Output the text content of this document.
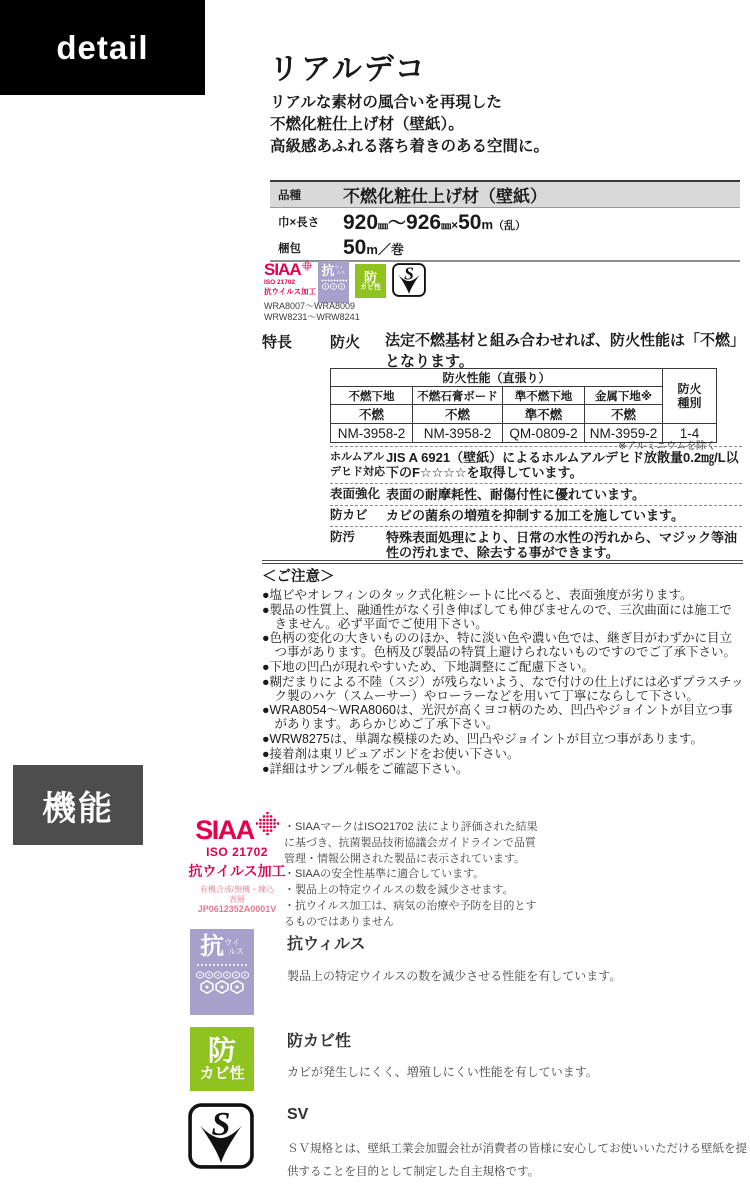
detail
リアルデコ
リアルな素材の風合いを再現した
不燃化粧仕上げ材（壁紙）。
高級感あふれる落ち着きのある空間に。
品種	不燃化粧仕上げ材（壁紙）
巾×長さ	920㎜〜926㎜×50m（乱）
梱包	50m／巻
SIAA
ISO 21702
抗ウイルス加工
抗 ウイ
ルス	防
カビ性
WRA8007〜WRA8009
WRW8231〜WRW8241
特長	防火 法定不燃基材と組み合わせれば、防火性能は「不燃」となります。
防火性能（直張り）				防火種別

不燃下地	不燃石膏ボード	準不燃下地	金属下地※	
不燃	不燃	準不燃	不燃	
NM-3958-2	NM-3958-2	QM-0809-2	NM-3959-2	1-4
※アルミニウムを除く
ホルムアルデヒド対応
JIS A 6921（壁紙）によるホルムアルデヒド放散量0.2㎎/L以下のF☆☆☆☆を取得しています。
表面強化 表面の耐摩耗性、耐傷付性に優れています。
防カビ	カビの菌糸の増殖を抑制する加工を施しています。
防汚	特殊表面処理により、日常の水性の汚れから、マジック等油性の汚れまで、除去する事ができます。
＜ご注意＞
●塩ビやオレフィンのタック式化粧シートに比べると、表面強度が劣ります。
●製品の性質上、融通性がなく引き伸ばしても伸びませんので、三次曲面には施工できません。必ず平面でご使用下さい。
●色柄の変化の大きいもののほか、特に淡い色や濃い色では、継ぎ目がわずかに目立つ事があります。色柄及び製品の特質上避けられないものですのでご了承下さい。
●下地の凹凸が現れやすいため、下地調整にご配慮下さい。
●糊だまりによる不陸（スジ）が残らないよう、なで付けの仕上げには必ずプラスチック製のハケ（スムーサー）やローラーなどを用いて丁寧にならして下さい。
●WRA8054〜WRA8060は、光沢が高くヨコ柄のため、凹凸やジョイントが目立つ事があります。あらかじめご了承下さい。
●WRW8275は、単調な模様のため、凹凸やジョイントが目立つ事があります。
●接着剤は東リピュアボンドをお使い下さい。
●詳細はサンプル帳をご確認下さい。
機能
SIAA
ISO 21702
抗ウイルス加工
有機合成/無機・練込
表層
JP0612352A0001V
・SIAAマークはISO21702 法により評価された結果に基づき、抗菌製品技術協議会ガイドラインで品質管理・情報公開された製品に表示されています。
・SIAAの安全性基準に適合しています。
・製品上の特定ウイルスの数を減少させます。
・抗ウイルス加工は、病気の治療や予防を目的とするものではありません
抗 ウイ
ルス	抗ウィルス
製品上の特定ウイルスの数を減少させる性能を有しています。
防
カビ性
防カビ性
カビが発生しにくく、増殖しにくい性能を有しています。
SV
ＳＶ規格とは、壁紙工業会加盟会社が消費者の皆様に安心してお使いいただける壁紙を提供することを目的として制定した自主規格です。
